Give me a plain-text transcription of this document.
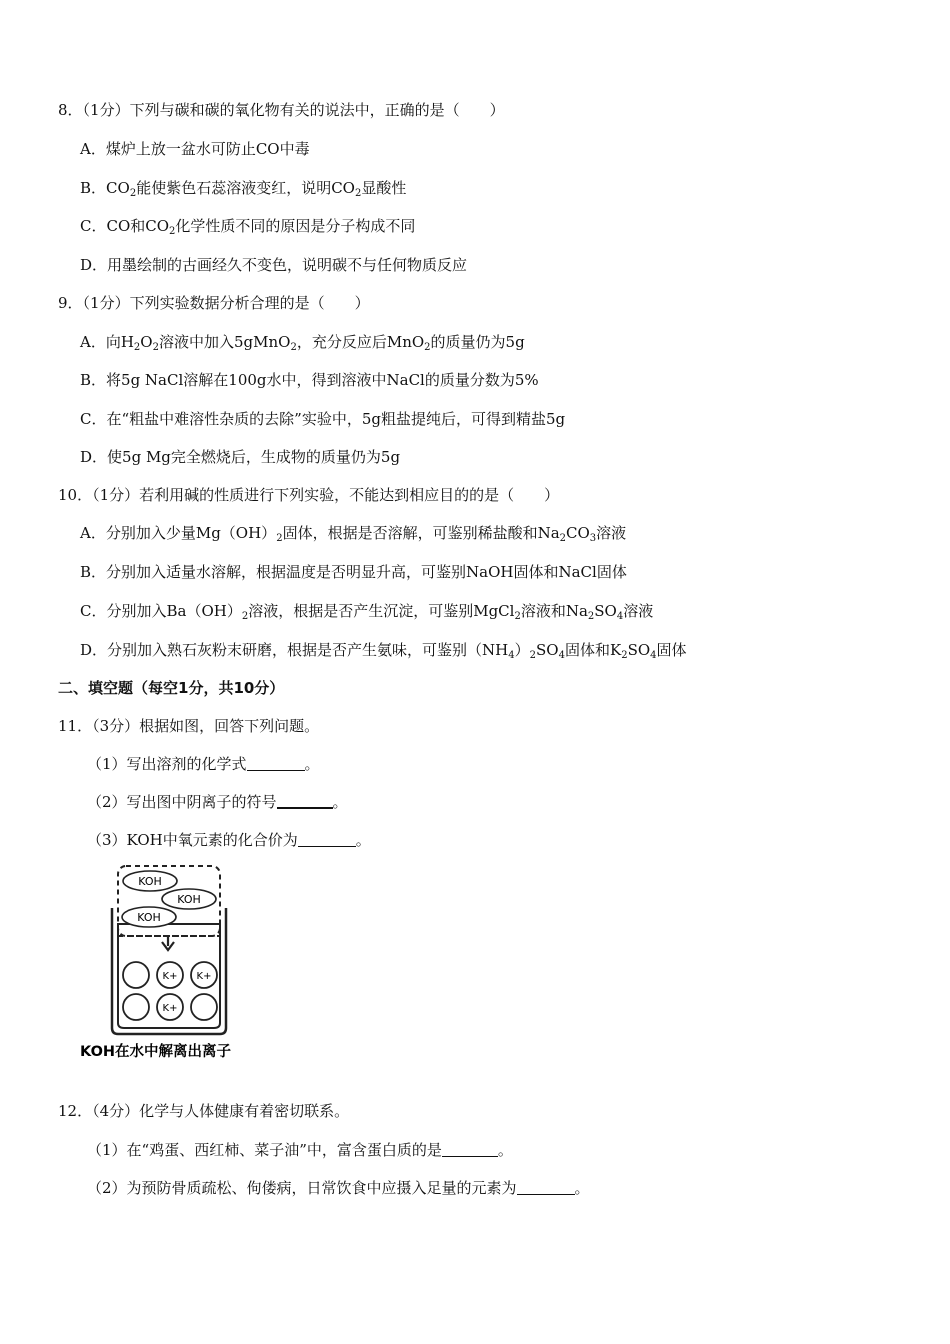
8．（1分）下列与碳和碳的氧化物有关的说法中，正确的是（　　）
A．煤炉上放一盆水可防止CO中毒
B．$CO_2$能使紫色石蕊溶液变红，说明$CO_2$显酸性
C．CO和$CO_2$化学性质不同的原因是分子构成不同
D．用墨绘制的古画经久不变色，说明碳不与任何物质反应
9．（1分）下列实验数据分析合理的是（　　）
A．向$H_2O_2$溶液中加入5gMnO$_2$，充分反应后MnO$_2$的质量仍为5g
B．将5g NaCl溶解在100g水中，得到溶液中NaCl的质量分数为5%
C．在“粗盐中难溶性杂质的去除”实验中，5g粗盐提纯后，可得到精盐5g
D．使5g Mg完全燃烧后，生成物的质量仍为5g
10．（1分）若利用碱的性质进行下列实验，不能达到相应目的的是（　　）
A．分别加入少量$Mg(OH)_2$固体，根据是否溶解，可鉴别稀盐酸和$Na_2CO_3$溶液
B．分别加入适量水溶解，根据温度是否明显升高，可鉴别NaOH固体和NaCl固体
C．分别加入$Ba(OH)_2$溶液，根据是否产生沉淀，可鉴别MgCl$_2$溶液和$Na_2SO_4$溶液
D．分别加入熟石灰粉末研磨，根据是否产生氨味，可鉴别$(NH_4)_2SO_4$固体和$K_2SO_4$固体
二、填空题（每空1分，共10分）
11．（3分）根据如图，回答下列问题。
（1）写出溶剂的化学式	。
（2）写出图中阴离子的符号	。
（3）KOH中氧元素的化合价为	。
KOH
KOH
KOH
K+ K+
K+
KOH在水中解离出离子
12．（4分）化学与人体健康有着密切联系。
（1）在“鸡蛋、西红柿、菜子油”中，富含蛋白质的是	。
（2）为预防骨质疏松、佝偻病，日常饮食中应摄入足量的元素为	。
